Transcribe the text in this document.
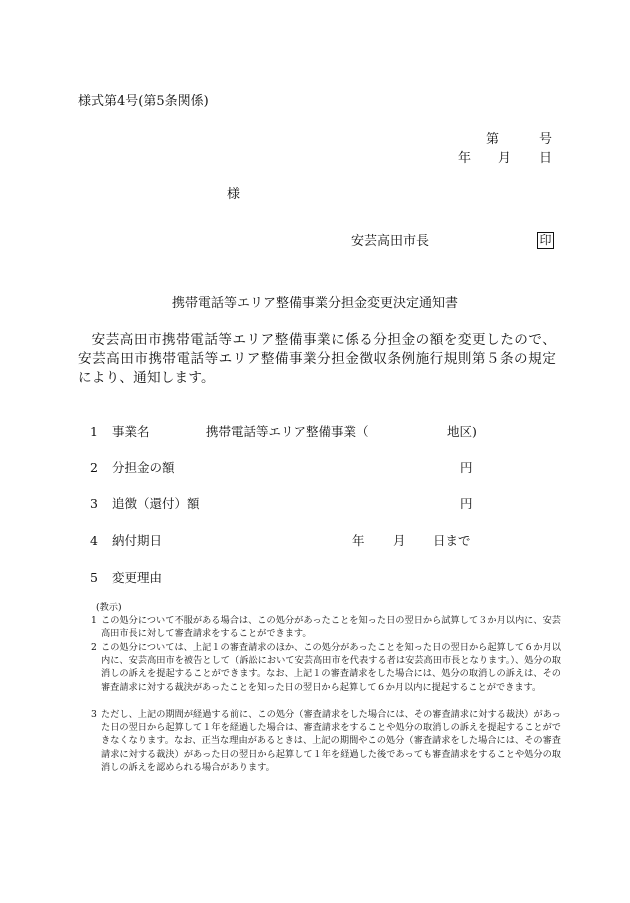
様式第4号(第5条関係)
第	号
年 月 日
様
安芸高田市長	印
携帯電話等エリア整備事業分担金変更決定通知書
安芸高田市携帯電話等エリア整備事業に係る分担金の額を変更したので、安芸高田市携帯電話等エリア整備事業分担金徴収条例施行規則第５条の規定により、通知します。
1 事業名	携帯電話等エリア整備事業（	地区)
2 分担金の額	円
3 追徴（還付）額	円
4 納付期日	年 月 日まで
5 変更理由
(教示)
1 この処分について不服がある場合は、この処分があったことを知った日の翌日から試算して３か月以内に、安芸高田市長に対して審査請求をすることができます。
2 この処分については、上記１の審査請求のほか、この処分があったことを知った日の翌日から起算して６か月以内に、安芸高田市を被告として（訴訟において安芸高田市を代表する者は安芸高田市長となります。）、処分の取消しの訴えを提起することができます。なお、上記１の審査請求をした場合には、処分の取消しの訴えは、その審査請求に対する裁決があったことを知った日の翌日から起算して６か月以内に提起することができます。
3 ただし、上記の期間が経過する前に、この処分（審査請求をした場合には、その審査請求に対する裁決）があった日の翌日から起算して１年を経過した場合は、審査請求をすることや処分の取消しの訴えを提起することができなくなります。なお、正当な理由があるときは、上記の期間やこの処分（審査請求をした場合には、その審査請求に対する裁決）があった日の翌日から起算して１年を経過した後であっても審査請求をすることや処分の取消しの訴えを認められる場合があります。
